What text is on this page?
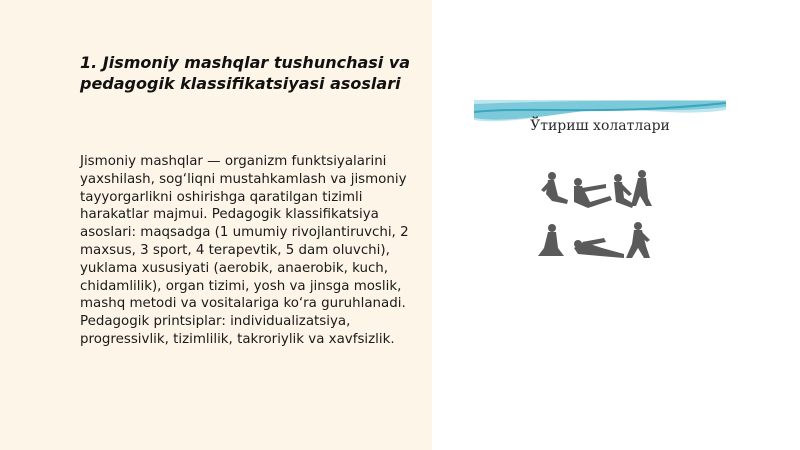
1. Jismoniy mashqlar tushunchasi va pedagogik klassifikatsiyasi asoslari

Jismoniy mashqlar — organizm funktsiyalarini yaxshilash, sog‘liqni mustahkamlash va jismoniy tayyorgarlikni oshirishga qaratilgan tizimli harakatlar majmui. Pedagogik klassifikatsiya asoslari: maqsadga (1 umumiy rivojlantiruvchi, 2 maxsus, 3 sport, 4 terapevtik, 5 dam oluvchi), yuklama xususiyati (aerobik, anaerobik, kuch, chidamlilik), organ tizimi, yosh va jinsga moslik, mashq metodi va vositalariga ko‘ra guruhlanadi. Pedagogik printsiplar: individualizatsiya, progressivlik, tizimlilik, takroriylik va xavfsizlik.

Ўтириш холатлари
